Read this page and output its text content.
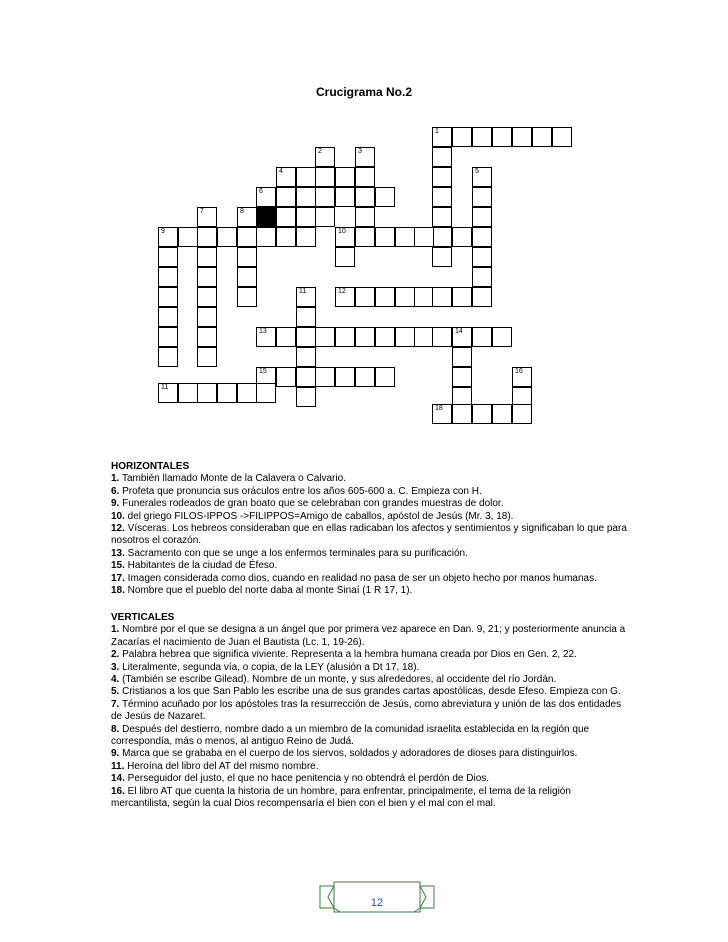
Crucigrama No.2
1
2	3
4	5
6
7	8
9	10
11	12
13	14
15	16
11
18
HORIZONTALES
1. También llamado Monte de la Calavera o Calvario.
6. Profeta que pronuncia sus oráculos entre los años 605-600 a. C. Empieza con H.
9. Funerales rodeados de gran boato que se celebraban con grandes muestras de dolor.
10. del griego FILOS-IPPOS ->FILIPPOS=Amigo de caballos, apóstol de Jesús (Mr. 3, 18).
12. Vísceras. Los hebreos consideraban que en ellas radicaban los afectos y sentimientos y significaban lo que para nosotros el corazón.
13. Sacramento con que se unge a los enfermos terminales para su purificación.
15. Habitantes de la ciudad de Éfeso.
17. Imagen considerada como dios, cuando en realidad no pasa de ser un objeto hecho por manos humanas.
18. Nombre que el pueblo del norte daba al monte Sinaí (1 R 17, 1).
VERTICALES
1. Nombre por el que se designa a un ángel que por primera vez aparece en Dan. 9, 21; y posteriormente anuncia a Zacarías el nacimiento de Juan el Bautista (Lc. 1, 19-26).
2. Palabra hebrea que significa viviente. Representa a la hembra humana creada por Dios en Gen. 2, 22.
3. Literalmente, segunda vía, o copia, de la LEY (alusión a Dt 17, 18).
4. (También se escribe Gilead). Nombre de un monte, y sus alrededores, al occidente del río Jordán.
5. Cristianos a los que San Pablo les escribe una de sus grandes cartas apostólicas, desde Efeso. Empieza con G.
7. Término acuñado por los apóstoles tras la resurrección de Jesús, como abreviatura y unión de las dos entidades de Jesús de Nazaret.
8. Después del destierro, nombre dado a un miembro de la comunidad israelita establecida en la región que correspondía, más o menos, al antiguo Reino de Judá.
9. Marca que se grababa en el cuerpo de los siervos, soldados y adoradores de dioses para distinguirlos.
11. Heroína del libro del AT del mismo nombre.
14. Perseguidor del justo, el que no hace penitencia y no obtendrá el perdón de Dios.
16. El libro AT que cuenta la historia de un hombre, para enfrentar, principalmente, el tema de la religión mercantilista, según la cual Dios recompensaría el bien con el bien y el mal con el mal.
12
